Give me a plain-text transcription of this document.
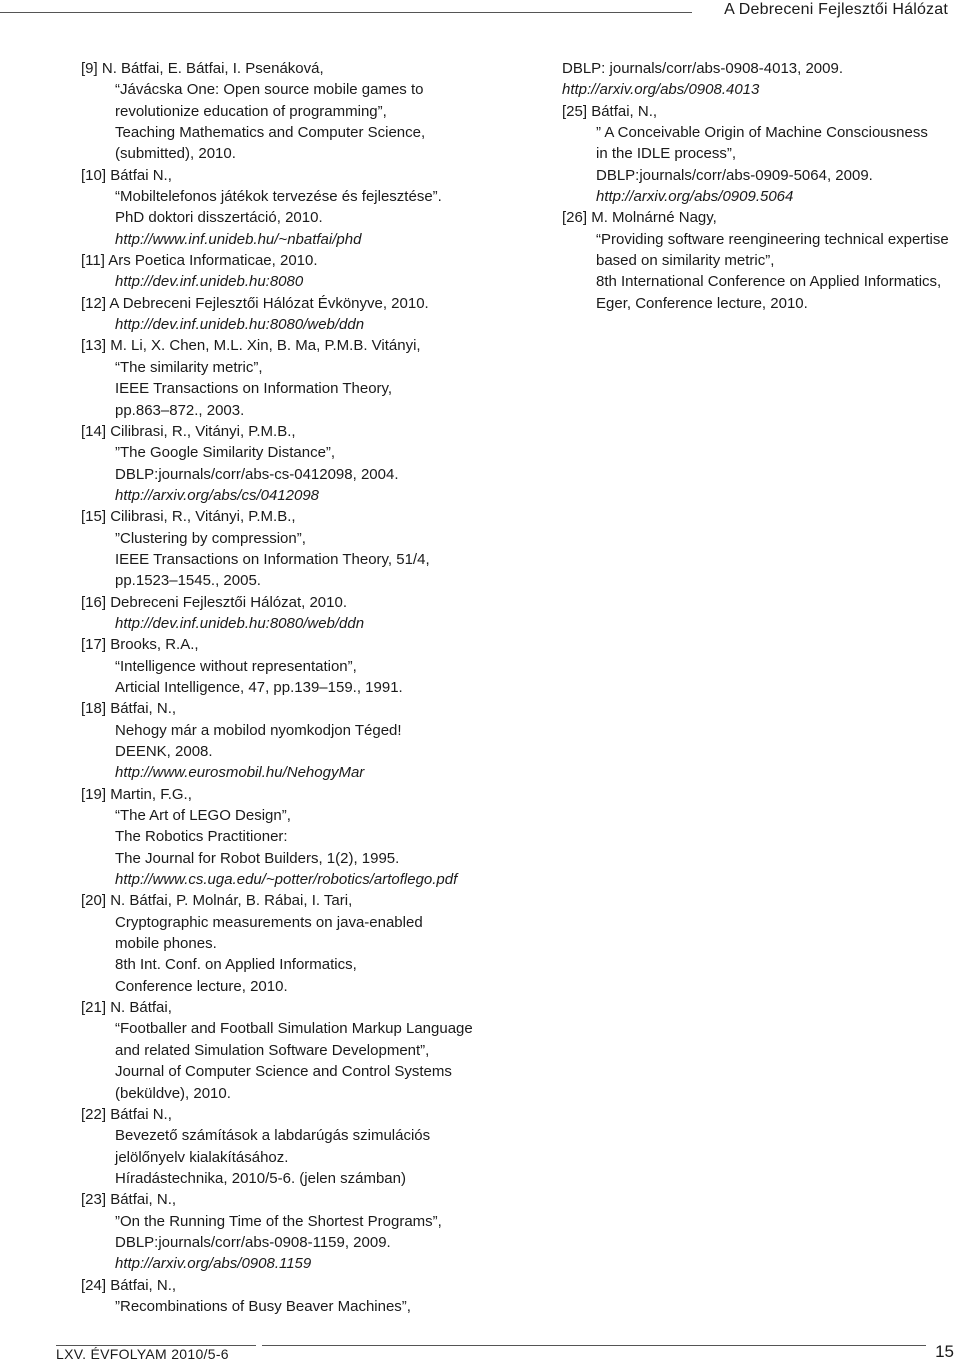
A Debreceni Fejlesztői Hálózat
[9] N. Bátfai, E. Bátfai, I. Psenáková,
“Jávácska One: Open source mobile games to
revolutionize education of programming”,
Teaching Mathematics and Computer Science,
(submitted), 2010.
[10] Bátfai N.,
“Mobiltelefonos játékok tervezése és fejlesztése”.
PhD doktori disszertáció, 2010.
http://www.inf.unideb.hu/~nbatfai/phd
[11] Ars Poetica Informaticae, 2010.
http://dev.inf.unideb.hu:8080
[12] A Debreceni Fejlesztői Hálózat Évkönyve, 2010.
http://dev.inf.unideb.hu:8080/web/ddn
[13] M. Li, X. Chen, M.L. Xin, B. Ma, P.M.B. Vitányi,
“The similarity metric”,
IEEE Transactions on Information Theory,
pp.863–872., 2003.
[14] Cilibrasi, R., Vitányi, P.M.B.,
”The Google Similarity Distance”,
DBLP:journals/corr/abs-cs-0412098, 2004.
http://arxiv.org/abs/cs/0412098
[15] Cilibrasi, R., Vitányi, P.M.B.,
”Clustering by compression”,
IEEE Transactions on Information Theory, 51/4,
pp.1523–1545., 2005.
[16] Debreceni Fejlesztői Hálózat, 2010.
http://dev.inf.unideb.hu:8080/web/ddn
[17] Brooks, R.A.,
“Intelligence without representation”,
Articial Intelligence, 47, pp.139–159., 1991.
[18] Bátfai, N.,
Nehogy már a mobilod nyomkodjon Téged!
DEENK, 2008.
http://www.eurosmobil.hu/NehogyMar
[19] Martin, F.G.,
“The Art of LEGO Design”,
The Robotics Practitioner:
The Journal for Robot Builders, 1(2), 1995.
http://www.cs.uga.edu/~potter/robotics/artoflego.pdf
[20] N. Bátfai, P. Molnár, B. Rábai, I. Tari,
Cryptographic measurements on java-enabled
mobile phones.
8th Int. Conf. on Applied Informatics,
Conference lecture, 2010.
[21] N. Bátfai,
“Footballer and Football Simulation Markup Language
and related Simulation Software Development”,
Journal of Computer Science and Control Systems
(beküldve), 2010.
[22] Bátfai N.,
Bevezető számítások a labdarúgás szimulációs
jelölőnyelv kialakításához.
Híradástechnika, 2010/5-6. (jelen számban)
[23] Bátfai, N.,
”On the Running Time of the Shortest Programs”,
DBLP:journals/corr/abs-0908-1159, 2009.
http://arxiv.org/abs/0908.1159
[24] Bátfai, N.,
”Recombinations of Busy Beaver Machines”,
DBLP: journals/corr/abs-0908-4013, 2009.
http://arxiv.org/abs/0908.4013
[25] Bátfai, N.,
” A Conceivable Origin of Machine Consciousness
in the IDLE process”,
DBLP:journals/corr/abs-0909-5064, 2009.
http://arxiv.org/abs/0909.5064
[26] M. Molnárné Nagy,
“Providing software reengineering technical expertise
based on similarity metric”,
8th International Conference on Applied Informatics,
Eger, Conference lecture, 2010.
LXV. ÉVFOLYAM 2010/5-6	15
